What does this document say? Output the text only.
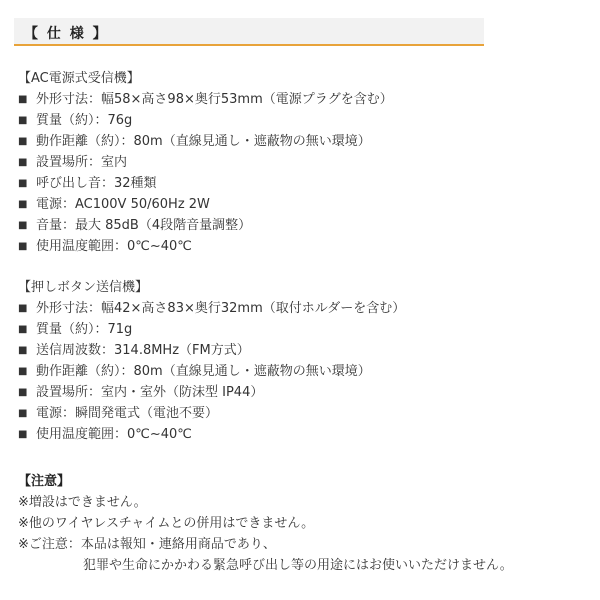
【 仕 様 】
【AC電源式受信機】
■ 外形寸法：幅58×高さ98×奥行53mm（電源プラグを含む）
■ 質量（約）：76g
■ 動作距離（約）：80m（直線見通し・遮蔽物の無い環境）
■ 設置場所：室内
■ 呼び出し音：32種類
■ 電源：AC100V 50/60Hz 2W
■ 音量：最大 85dB（4段階音量調整）
■ 使用温度範囲：0℃~40℃
【押しボタン送信機】
■ 外形寸法：幅42×高さ83×奥行32mm（取付ホルダーを含む）
■ 質量（約）：71g
■ 送信周波数：314.8MHz（FM方式）
■ 動作距離（約）：80m（直線見通し・遮蔽物の無い環境）
■ 設置場所：室内・室外（防沫型 IP44）
■ 電源：瞬間発電式（電池不要）
■ 使用温度範囲：0℃~40℃
【注意】
※増設はできません。
※他のワイヤレスチャイムとの併用はできません。
※ご注意：本品は報知・連絡用商品であり、
犯罪や生命にかかわる緊急呼び出し等の用途にはお使いいただけません。
